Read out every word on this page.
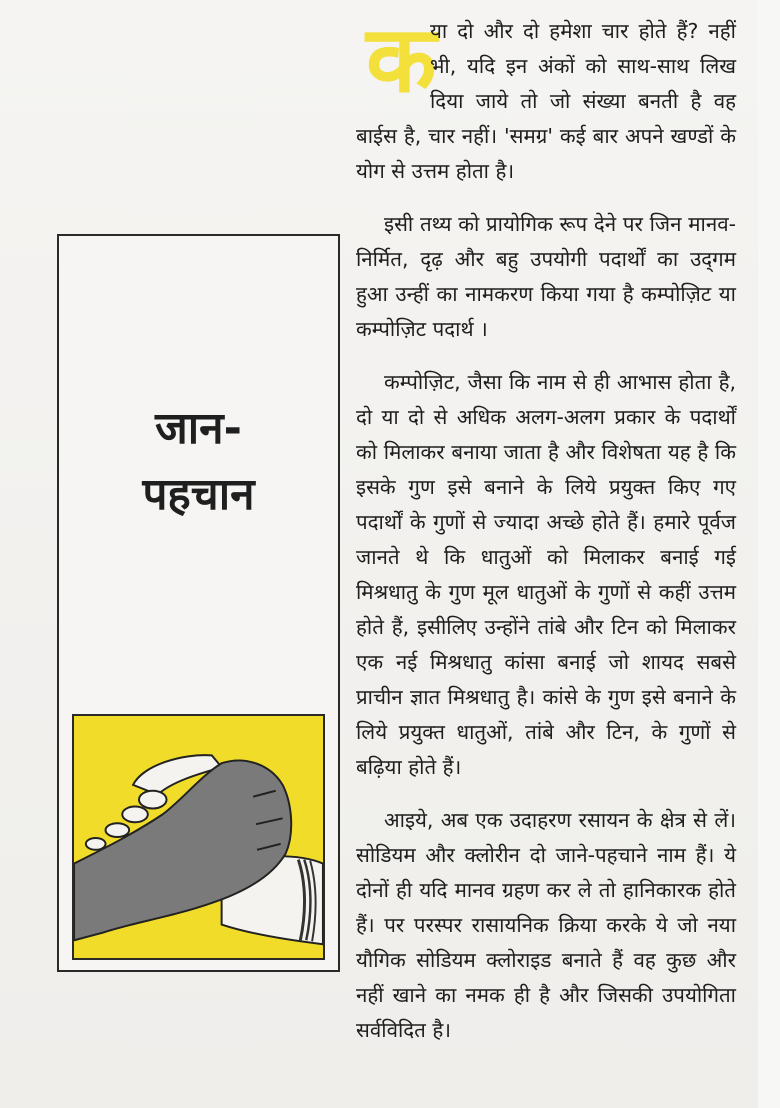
जान-
पहचान

क
या दो और दो हमेशा चार होते हैं? नहीं भी, यदि इन अंकों को साथ-साथ लिख दिया जाये तो जो संख्या बनती है वह बाईस है, चार नहीं। 'समग्र' कई बार अपने खण्डों के योग से उत्तम होता है।

इसी तथ्य को प्रायोगिक रूप देने पर जिन मानव-निर्मित, दृढ़ और बहु उपयोगी पदार्थों का उद्‍गम हुआ उन्हीं का नामकरण किया गया है कम्पोज़िट या कम्पोज़िट पदार्थ ।

कम्पोज़िट, जैसा कि नाम से ही आभास होता है, दो या दो से अधिक अलग-अलग प्रकार के पदार्थों को मिलाकर बनाया जाता है और विशेषता यह है कि इसके गुण इसे बनाने के लिये प्रयुक्त किए गए पदार्थों के गुणों से ज्यादा अच्छे होते हैं। हमारे पूर्वज जानते थे कि धातुओं को मिलाकर बनाई गई मिश्रधातु के गुण मूल धातुओं के गुणों से कहीं उत्तम होते हैं, इसीलिए उन्होंने तांबे और टिन को मिलाकर एक नई मिश्रधातु कांसा बनाई जो शायद सबसे प्राचीन ज्ञात मिश्रधातु है। कांसे के गुण इसे बनाने के लिये प्रयुक्त धातुओं, तांबे और टिन, के गुणों से बढ़िया होते हैं।

आइये, अब एक उदाहरण रसायन के क्षेत्र से लें। सोडियम और क्लोरीन दो जाने-पहचाने नाम हैं। ये दोनों ही यदि मानव ग्रहण कर ले तो हानिकारक होते हैं। पर परस्पर रासायनिक क्रिया करके ये जो नया यौगिक सोडियम क्लोराइड बनाते हैं वह कुछ और नहीं खाने का नमक ही है और जिसकी उपयोगिता सर्वविदित है।
